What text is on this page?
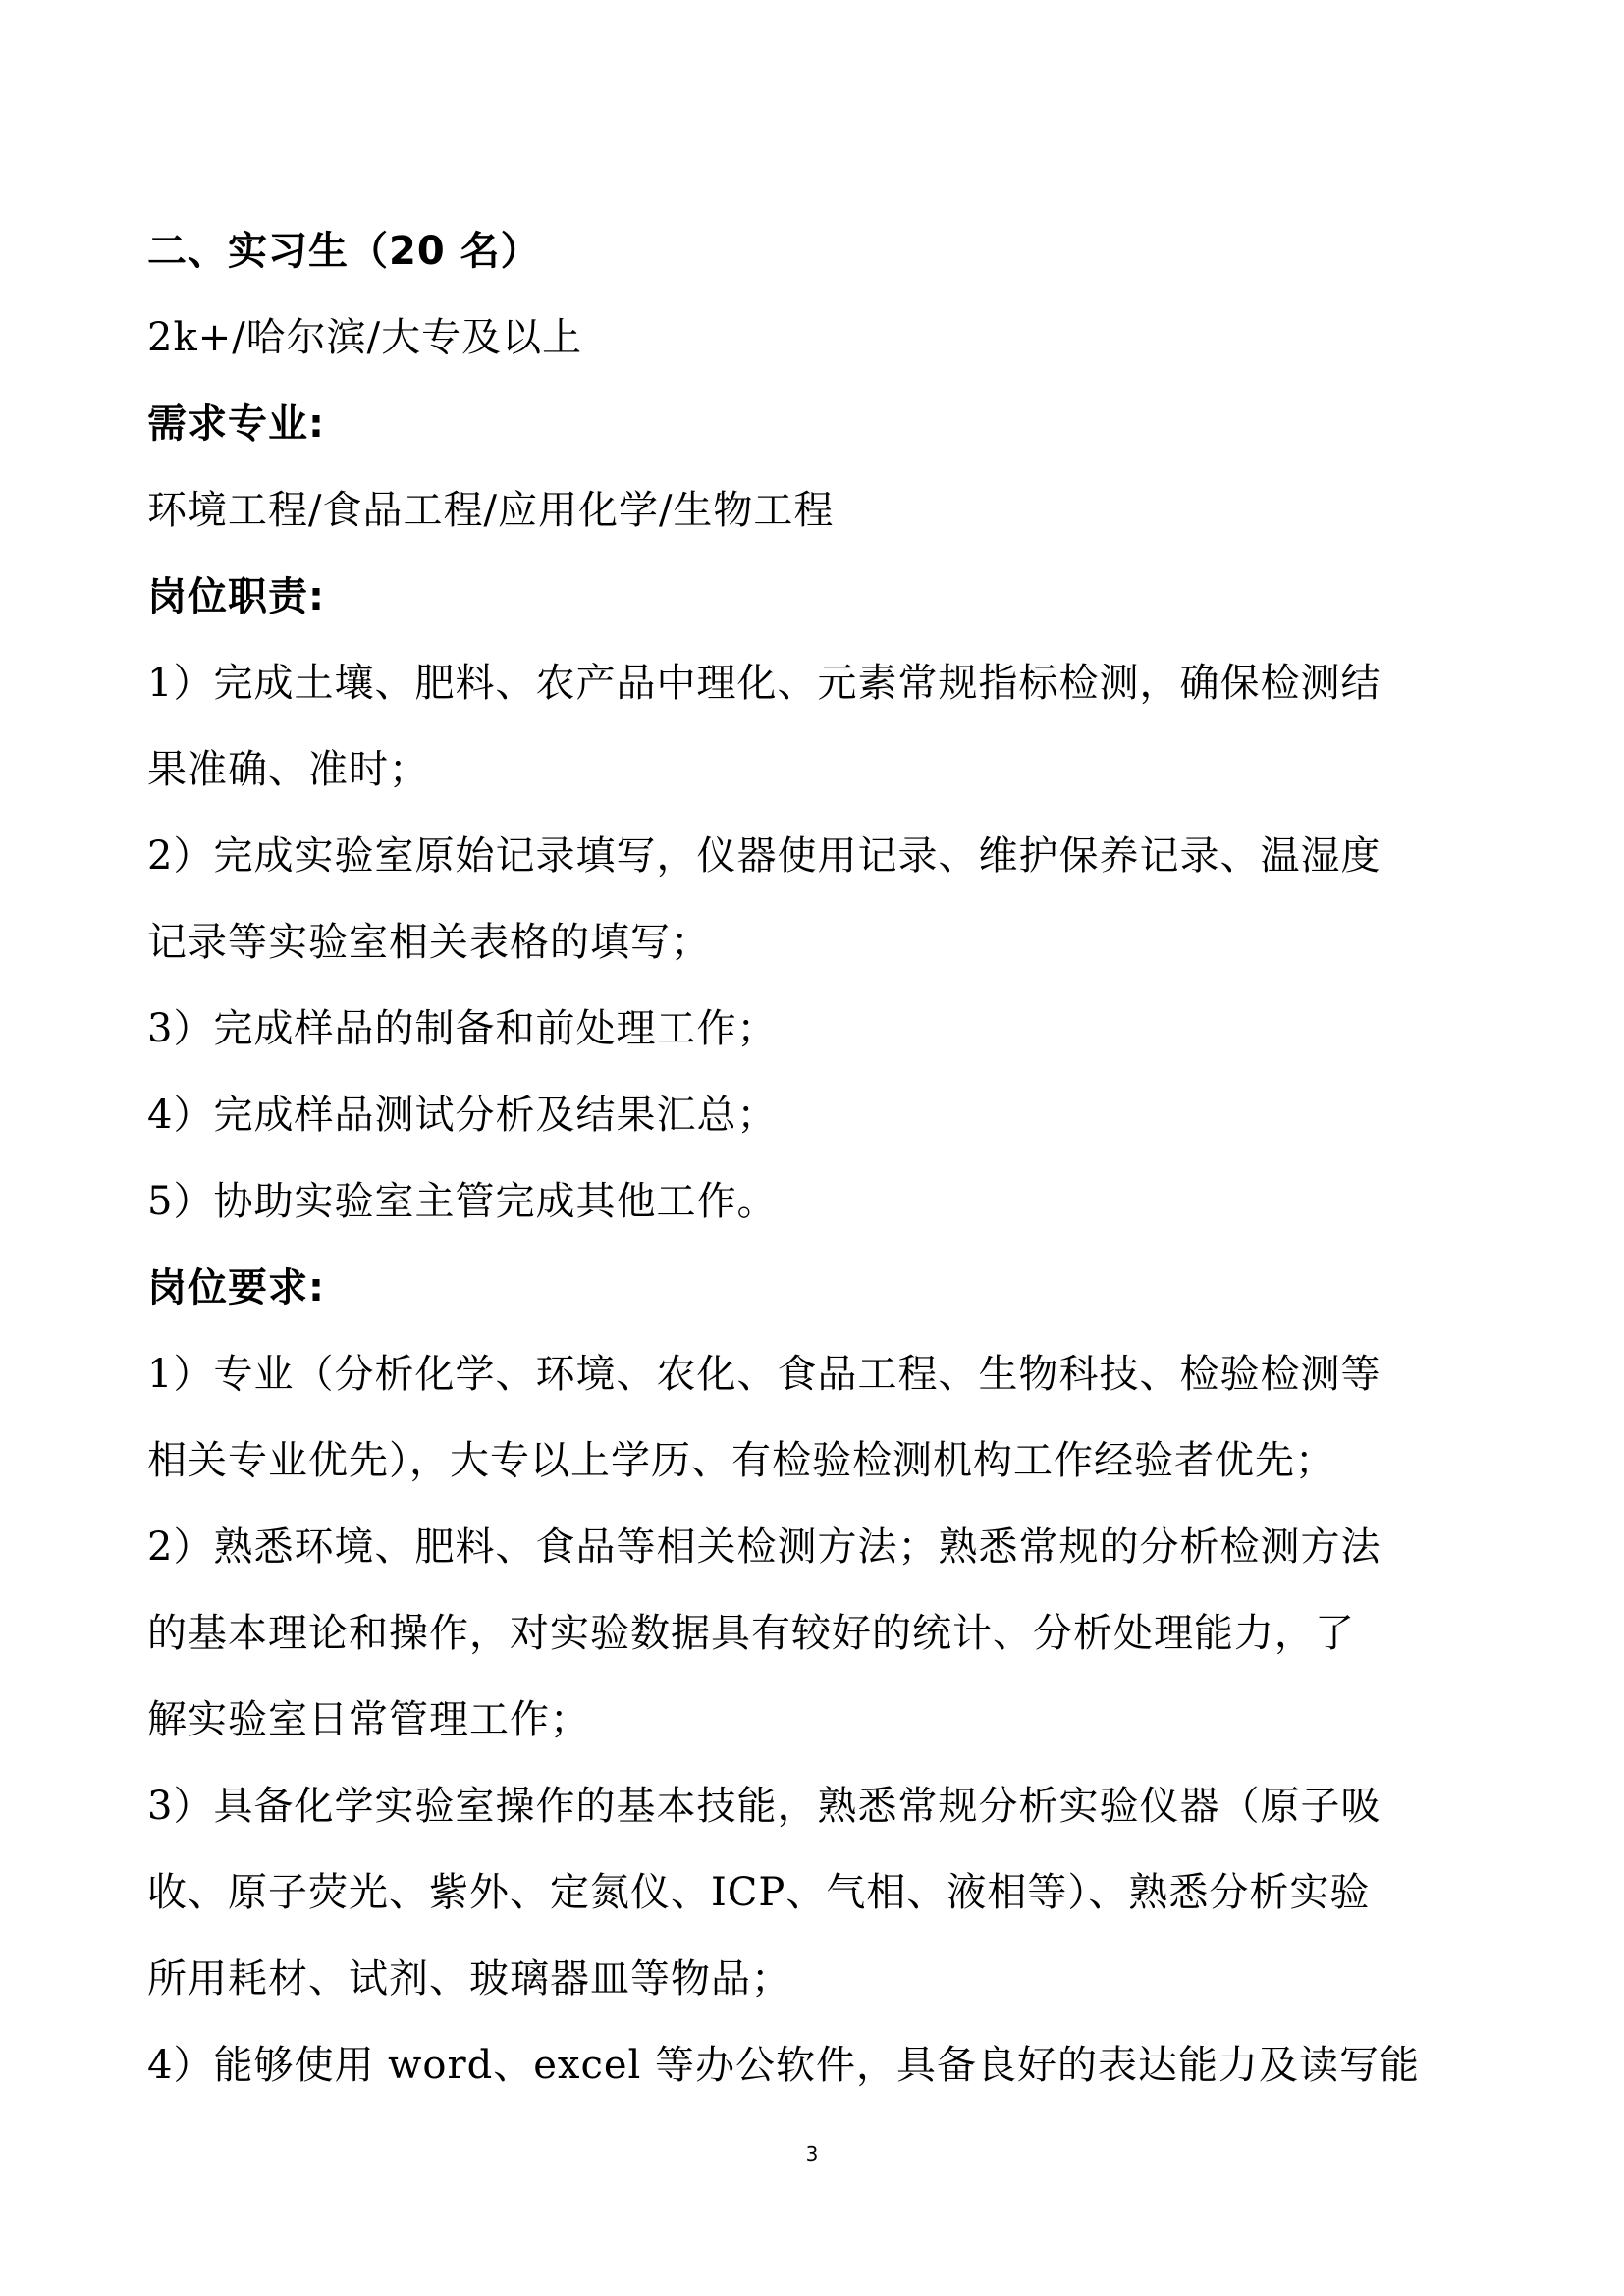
二、实习生（20 名）
2k+/哈尔滨/大专及以上
需求专业:
环境工程/食品工程/应用化学/生物工程
岗位职责:
1）完成土壤、肥料、农产品中理化、元素常规指标检测，确保检测结
果准确、准时；
2）完成实验室原始记录填写，仪器使用记录、维护保养记录、温湿度
记录等实验室相关表格的填写；
3）完成样品的制备和前处理工作；
4）完成样品测试分析及结果汇总；
5）协助实验室主管完成其他工作。
岗位要求:
1）专业（分析化学、环境、农化、食品工程、生物科技、检验检测等
相关专业优先），大专以上学历、有检验检测机构工作经验者优先；
2）熟悉环境、肥料、食品等相关检测方法；熟悉常规的分析检测方法
的基本理论和操作，对实验数据具有较好的统计、分析处理能力，了
解实验室日常管理工作；
3）具备化学实验室操作的基本技能，熟悉常规分析实验仪器（原子吸
收、原子荧光、紫外、定氮仪、ICP、气相、液相等）、熟悉分析实验
所用耗材、试剂、玻璃器皿等物品；
4）能够使用 word、excel 等办公软件，具备良好的表达能力及读写能
3
